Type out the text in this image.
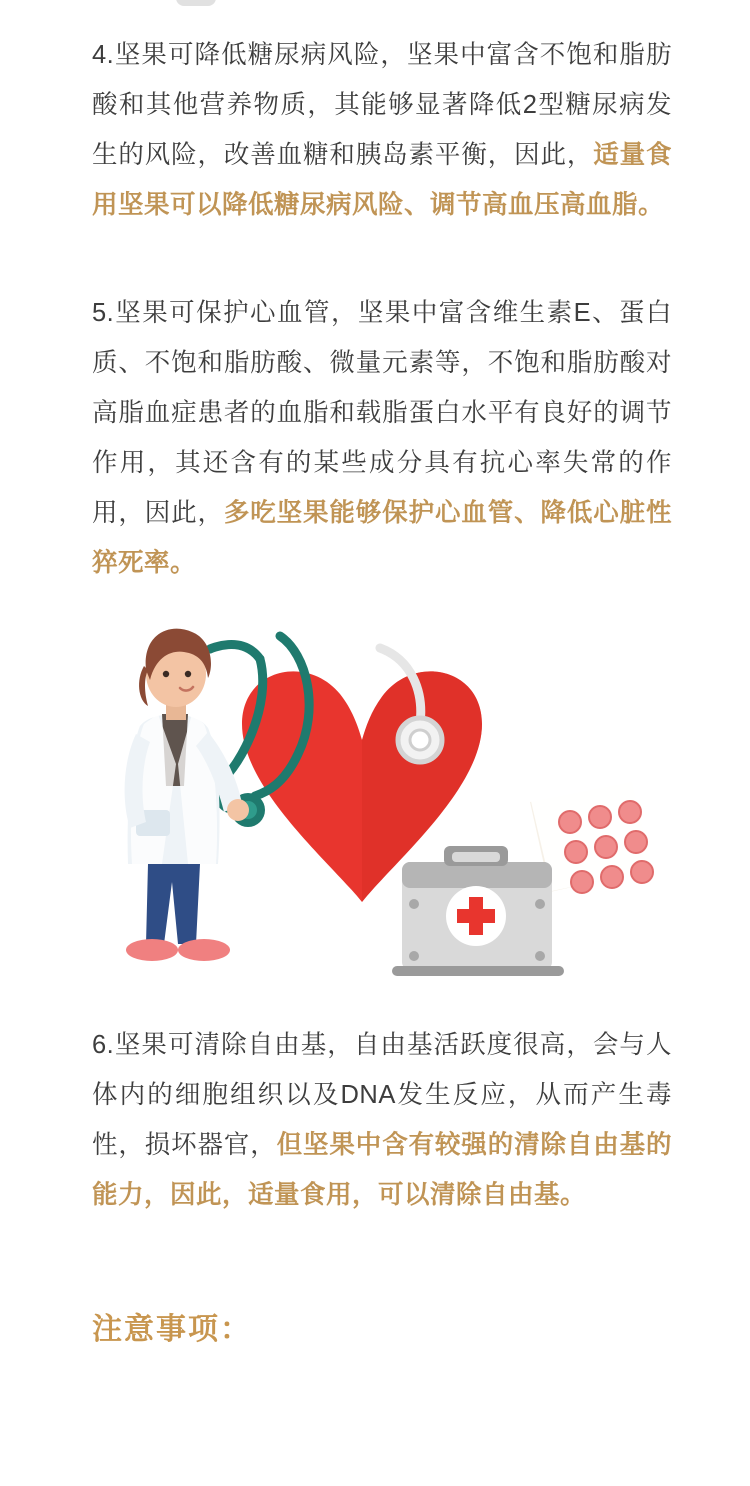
4.坚果可降低糖尿病风险，坚果中富含不饱和脂肪酸和其他营养物质，其能够显著降低2型糖尿病发生的风险，改善血糖和胰岛素平衡，因此，适量食用坚果可以降低糖尿病风险、调节高血压高血脂。

5.坚果可保护心血管，坚果中富含维生素E、蛋白质、不饱和脂肪酸、微量元素等，不饱和脂肪酸对高脂血症患者的血脂和载脂蛋白水平有良好的调节作用，其还含有的某些成分具有抗心率失常的作用，因此，多吃坚果能够保护心血管、降低心脏性猝死率。

6.坚果可清除自由基，自由基活跃度很高，会与人体内的细胞组织以及DNA发生反应，从而产生毒性，损坏器官，但坚果中含有较强的清除自由基的能力，因此，适量食用，可以清除自由基。

注意事项：
